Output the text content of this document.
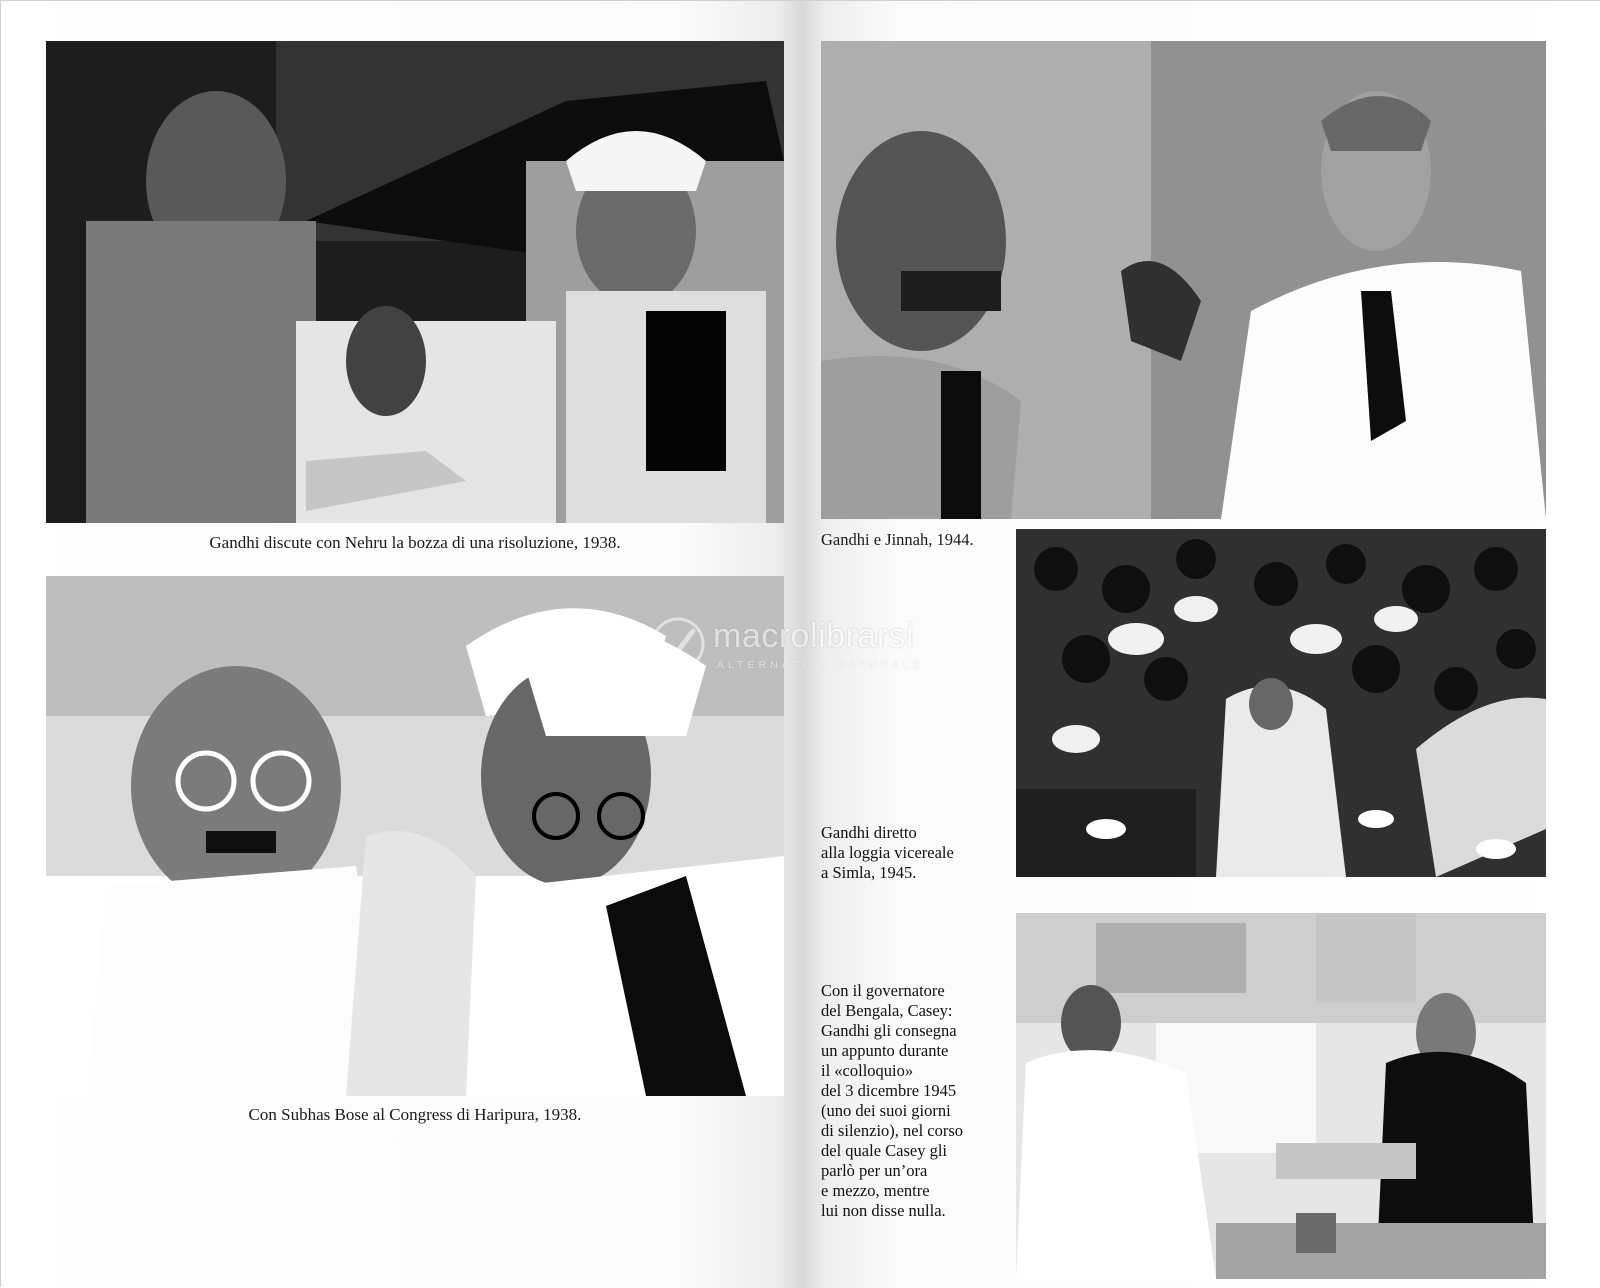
Gandhi discute con Nehru la bozza di una risoluzione, 1938.
Con Subhas Bose al Congress di Haripura, 1938.
Gandhi e Jinnah, 1944.
Gandhi diretto
alla loggia vicereale
a Simla, 1945.
Con il governatore
del Bengala, Casey:
Gandhi gli consegna
un appunto durante
il «colloquio»
del 3 dicembre 1945
(uno dei suoi giorni
di silenzio), nel corso
del quale Casey gli
parlò per un’ora
e mezzo, mentre
lui non disse nulla.
macrolibrarsi
ALTERNATIVA NATURALE
